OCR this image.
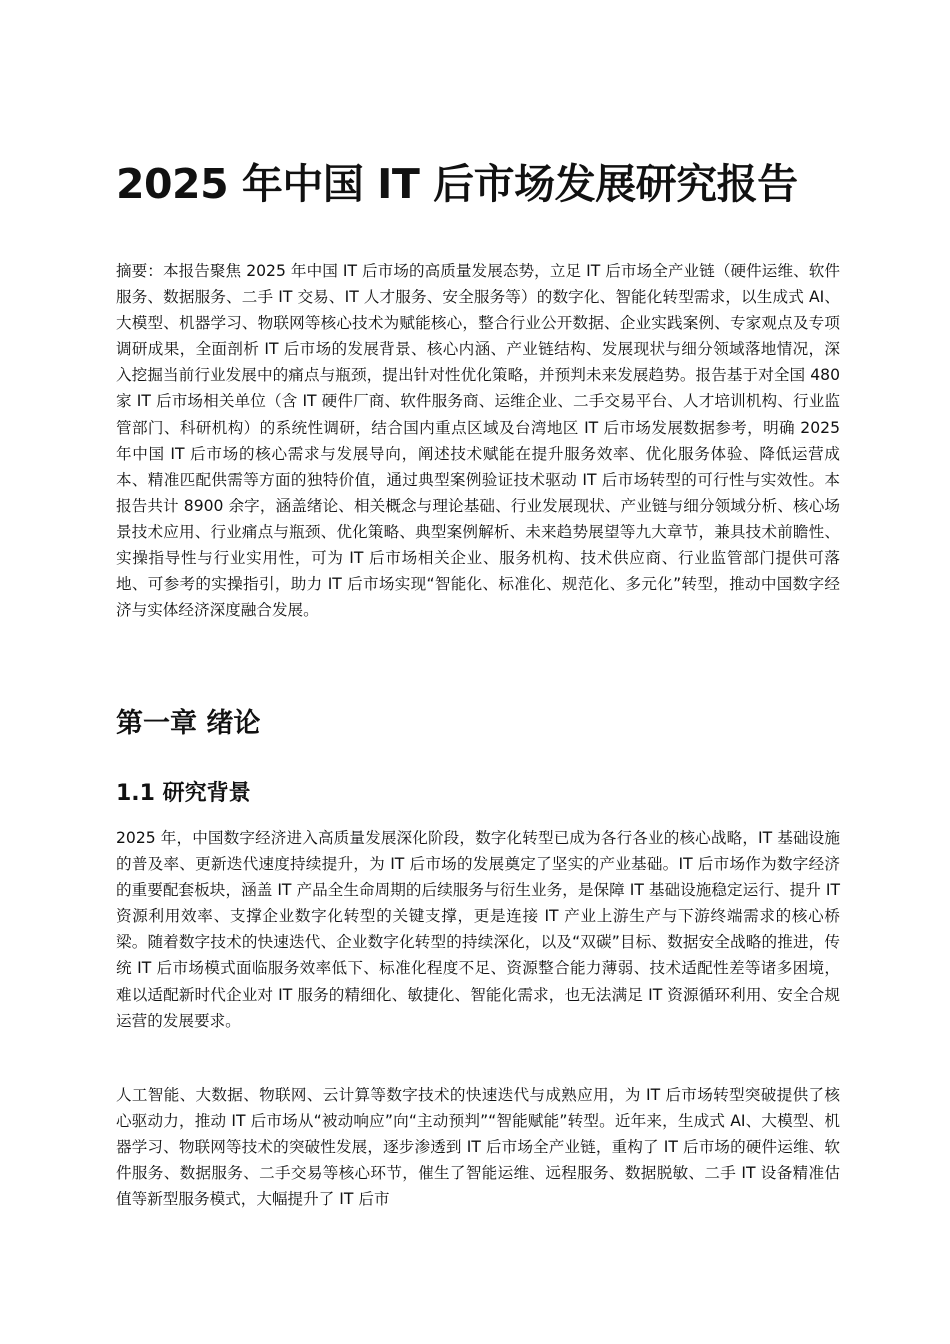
2025 年中国 IT 后市场发展研究报告

摘要：本报告聚焦 2025 年中国 IT 后市场的高质量发展态势，立足 IT 后市场全产业链（硬件运维、软件服务、数据服务、二手 IT 交易、IT 人才服务、安全服务等）的数字化、智能化转型需求，以生成式 AI、大模型、机器学习、物联网等核心技术为赋能核心，整合行业公开数据、企业实践案例、专家观点及专项调研成果，全面剖析 IT 后市场的发展背景、核心内涵、产业链结构、发展现状与细分领域落地情况，深入挖掘当前行业发展中的痛点与瓶颈，提出针对性优化策略，并预判未来发展趋势。报告基于对全国 480 家 IT 后市场相关单位（含 IT 硬件厂商、软件服务商、运维企业、二手交易平台、人才培训机构、行业监管部门、科研机构）的系统性调研，结合国内重点区域及台湾地区 IT 后市场发展数据参考，明确 2025 年中国 IT 后市场的核心需求与发展导向，阐述技术赋能在提升服务效率、优化服务体验、降低运营成本、精准匹配供需等方面的独特价值，通过典型案例验证技术驱动 IT 后市场转型的可行性与实效性。本报告共计 8900 余字，涵盖绪论、相关概念与理论基础、行业发展现状、产业链与细分领域分析、核心场景技术应用、行业痛点与瓶颈、优化策略、典型案例解析、未来趋势展望等九大章节，兼具技术前瞻性、实操指导性与行业实用性，可为 IT 后市场相关企业、服务机构、技术供应商、行业监管部门提供可落地、可参考的实操指引，助力 IT 后市场实现“智能化、标准化、规范化、多元化”转型，推动中国数字经济与实体经济深度融合发展。

第一章 绪论
1.1 研究背景

2025 年，中国数字经济进入高质量发展深化阶段，数字化转型已成为各行各业的核心战略，IT 基础设施的普及率、更新迭代速度持续提升，为 IT 后市场的发展奠定了坚实的产业基础。IT 后市场作为数字经济的重要配套板块，涵盖 IT 产品全生命周期的后续服务与衍生业务，是保障 IT 基础设施稳定运行、提升 IT 资源利用效率、支撑企业数字化转型的关键支撑，更是连接 IT 产业上游生产与下游终端需求的核心桥梁。随着数字技术的快速迭代、企业数字化转型的持续深化，以及“双碳”目标、数据安全战略的推进，传统 IT 后市场模式面临服务效率低下、标准化程度不足、资源整合能力薄弱、技术适配性差等诸多困境，难以适配新时代企业对 IT 服务的精细化、敏捷化、智能化需求，也无法满足 IT 资源循环利用、安全合规运营的发展要求。

人工智能、大数据、物联网、云计算等数字技术的快速迭代与成熟应用，为 IT 后市场转型突破提供了核心驱动力，推动 IT 后市场从“被动响应”向“主动预判”“智能赋能”转型。近年来，生成式 AI、大模型、机器学习、物联网等技术的突破性发展，逐步渗透到 IT 后市场全产业链，重构了 IT 后市场的硬件运维、软件服务、数据服务、二手交易等核心环节，催生了智能运维、远程服务、数据脱敏、二手 IT 设备精准估值等新型服务模式，大幅提升了 IT 后市
